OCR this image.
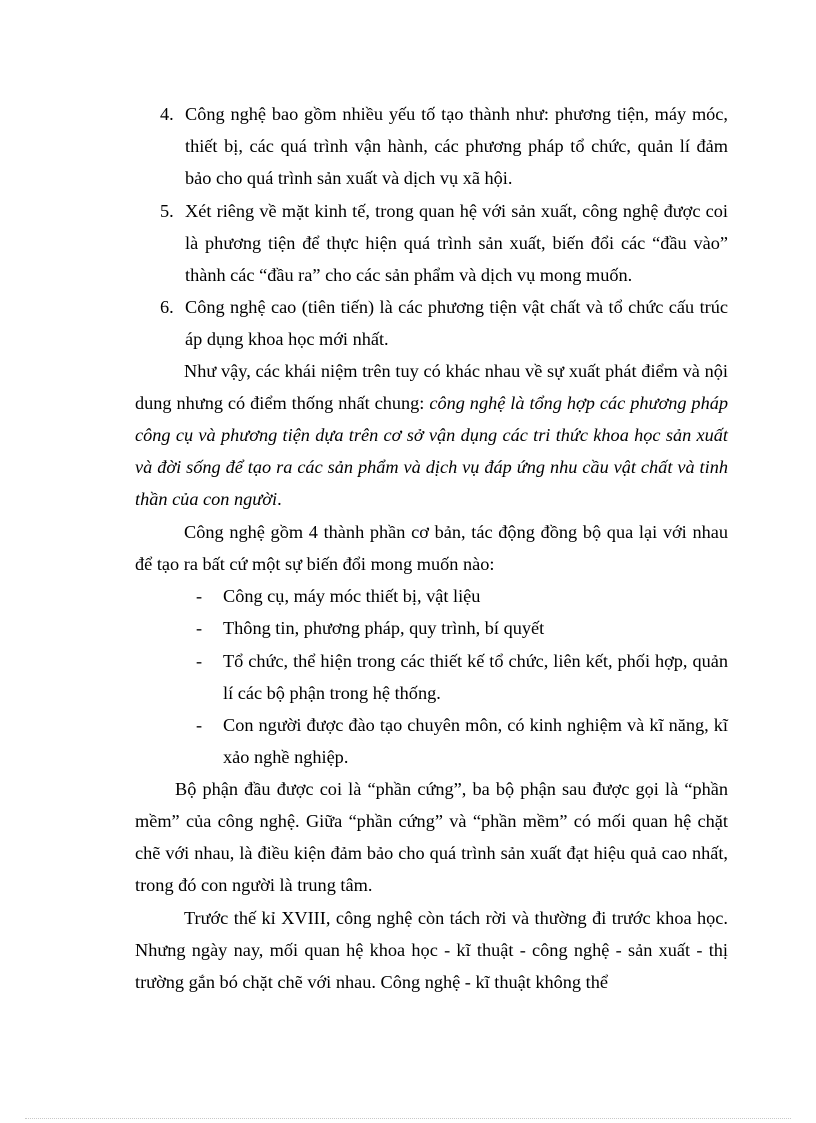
4. Công nghệ bao gồm nhiều yếu tố tạo thành như: phương tiện, máy móc, thiết bị, các quá trình vận hành, các phương pháp tổ chức, quản lí đảm bảo cho quá trình sản xuất và dịch vụ xã hội.
5. Xét riêng về mặt kinh tế, trong quan hệ với sản xuất, công nghệ được coi là phương tiện để thực hiện quá trình sản xuất, biến đổi các “đầu vào” thành các “đầu ra” cho các sản phẩm và dịch vụ mong muốn.
6. Công nghệ cao (tiên tiến) là các phương tiện vật chất và tổ chức cấu trúc áp dụng khoa học mới nhất.
Như vậy, các khái niệm trên tuy có khác nhau về sự xuất phát điểm và nội dung nhưng có điểm thống nhất chung: công nghệ là tổng hợp các phương pháp công cụ và phương tiện dựa trên cơ sở vận dụng các tri thức khoa học sản xuất và đời sống để tạo ra các sản phẩm và dịch vụ đáp ứng nhu cầu vật chất và tinh thần của con người.
Công nghệ gồm 4 thành phần cơ bản, tác động đồng bộ qua lại với nhau để tạo ra bất cứ một sự biến đổi mong muốn nào:
-	Công cụ, máy móc thiết bị, vật liệu
-	Thông tin, phương pháp, quy trình, bí quyết
-	Tổ chức, thể hiện trong các thiết kế tổ chức, liên kết, phối hợp, quản lí các bộ phận trong hệ thống.
-	Con người được đào tạo chuyên môn, có kinh nghiệm và kĩ năng, kĩ xảo nghề nghiệp.
Bộ phận đầu được coi là “phần cứng”, ba bộ phận sau được gọi là “phần mềm” của công nghệ. Giữa “phần cứng” và “phần mềm” có mối quan hệ chặt chẽ với nhau, là điều kiện đảm bảo cho quá trình sản xuất đạt hiệu quả cao nhất, trong đó con người là trung tâm.
Trước thế kỉ XVIII, công nghệ còn tách rời và thường đi trước khoa học. Nhưng ngày nay, mối quan hệ khoa học - kĩ thuật - công nghệ - sản xuất - thị trường gắn bó chặt chẽ với nhau. Công nghệ - kĩ thuật không thể
